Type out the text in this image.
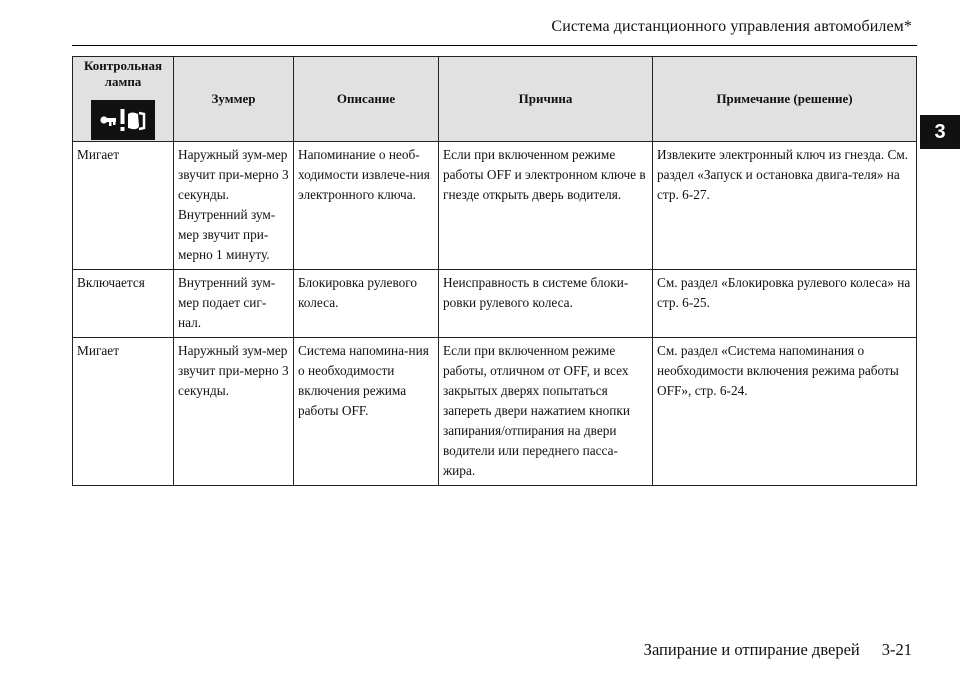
Система дистанционного управления автомобилем*
3
Контрольная лампа	Зуммер	Описание	Причина	Примечание (решение)
Мигает	Наружный зум-мер звучит при-мерно 3 секунды. Внутренний зум-мер звучит при-мерно 1 минуту.	Напоминание о необ-ходимости извлече-ния электронного ключа.	Если при включенном режиме работы OFF и электронном ключе в гнезде открыть дверь водителя.	Извлеките электронный ключ из гнезда. См. раздел «Запуск и остановка двига-теля» на стр. 6-27.
Включается	Внутренний зум-мер подает сиг-нал.	Блокировка рулевого колеса.	Неисправность в системе блоки-ровки рулевого колеса.	См. раздел «Блокировка рулевого колеса» на стр. 6-25.
Мигает	Наружный зум-мер звучит при-мерно 3 секунды.	Система напомина-ния о необходимости включения режима работы OFF.	Если при включенном режиме работы, отличном от OFF, и всех закрытых дверях попытаться запереть двери нажатием кнопки запирания/отпирания на двери водители или переднего пасса-жира.	См. раздел «Система напоминания о необходимости включения режима работы OFF», стр. 6-24.
Запирание и отпирание дверей 3-21
